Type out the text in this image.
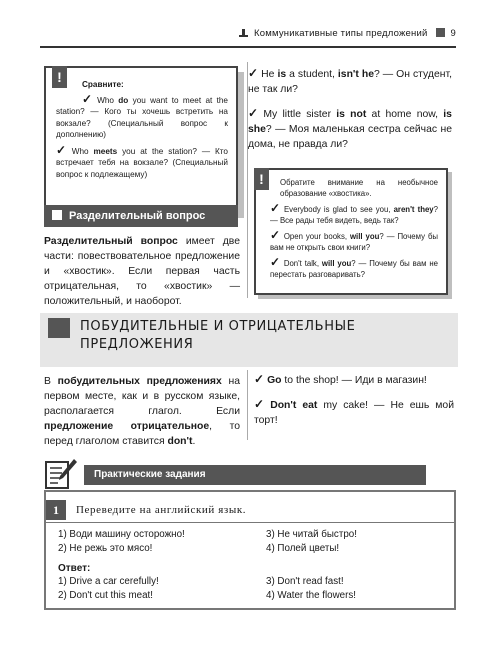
Коммуникативные типы предложений 9
!	Сравните:

✓ Who do you want to meet at the station? — Кого ты хочешь встретить на вокзале? (Специальный вопрос к дополнению)

✓ Who meets you at the station? — Кто встречает тебя на вокзале? (Специальный вопрос к подлежащему)

✓ He is a student, isn't he? — Он студент, не так ли?

✓ My little sister is not at home now, is she? — Моя маленькая сестра сейчас не дома, не правда ли?

!	Обратите внимание на необычное образование «хвостика».

✓ Everybody is glad to see you, aren't they? — Все рады тебя видеть, ведь так?

✓ Open your books, will you? — Почему бы вам не открыть свои книги?

✓ Don't talk, will you? — Почему бы вам не перестать разговаривать?

Разделительный вопрос
Разделительный вопрос имеет две части: повествовательное предложение и «хвостик». Если первая часть отрицательная, то «хвостик» — положительный, и наоборот.
ПОБУДИТЕЛЬНЫЕ И ОТРИЦАТЕЛЬНЫЕ
ПРЕДЛОЖЕНИЯ
В побудительных предложениях на первом месте, как и в русском языке, располагается глагол. Если предложение отрицательное, то перед глаголом ставится don't.

✓ Go to the shop! — Иди в магазин!

✓ Don't eat my cake! — Не ешь мой торт!

Практические задания
1	Переведите на английский язык.
1) Води машину осторожно!
2) Не режь это мясо!
3) Не читай быстро!
4) Полей цветы!
Ответ:
1) Drive a car cerefully!
2) Don't cut this meat!
3) Don't read fast!
4) Water the flowers!
